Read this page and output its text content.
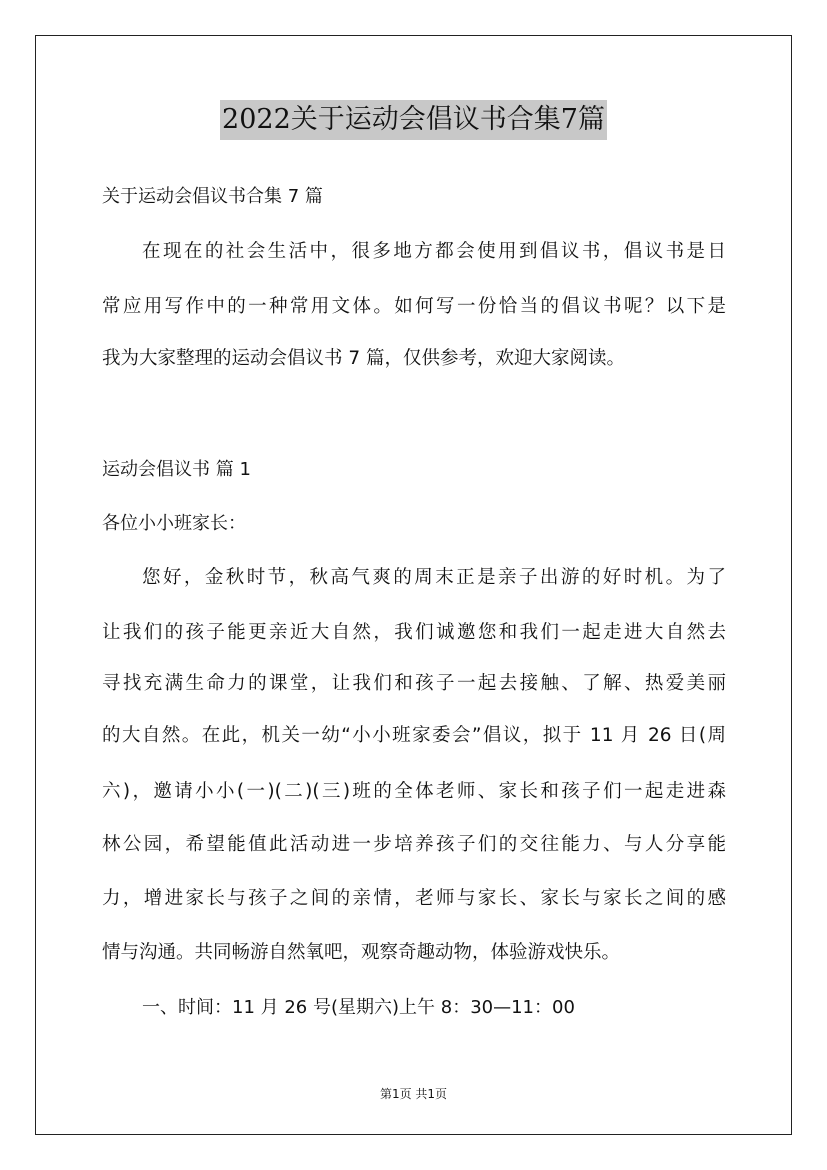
2022关于运动会倡议书合集7篇
关于运动会倡议书合集 7 篇
在现在的社会生活中，很多地方都会使用到倡议书，倡议书是日
常应用写作中的一种常用文体。如何写一份恰当的倡议书呢？以下是
我为大家整理的运动会倡议书 7 篇，仅供参考，欢迎大家阅读。
运动会倡议书 篇 1
各位小小班家长：
您好，金秋时节，秋高气爽的周末正是亲子出游的好时机。为了
让我们的孩子能更亲近大自然，我们诚邀您和我们一起走进大自然去
寻找充满生命力的课堂，让我们和孩子一起去接触、了解、热爱美丽
的大自然。在此，机关一幼“小小班家委会”倡议，拟于 11 月 26 日(周
六)，邀请小小(一)(二)(三)班的全体老师、家长和孩子们一起走进森
林公园，希望能值此活动进一步培养孩子们的交往能力、与人分享能
力，增进家长与孩子之间的亲情，老师与家长、家长与家长之间的感
情与沟通。共同畅游自然氧吧，观察奇趣动物，体验游戏快乐。
一、时间：11 月 26 号(星期六)上午 8：30—11：00
第1页 共1页
